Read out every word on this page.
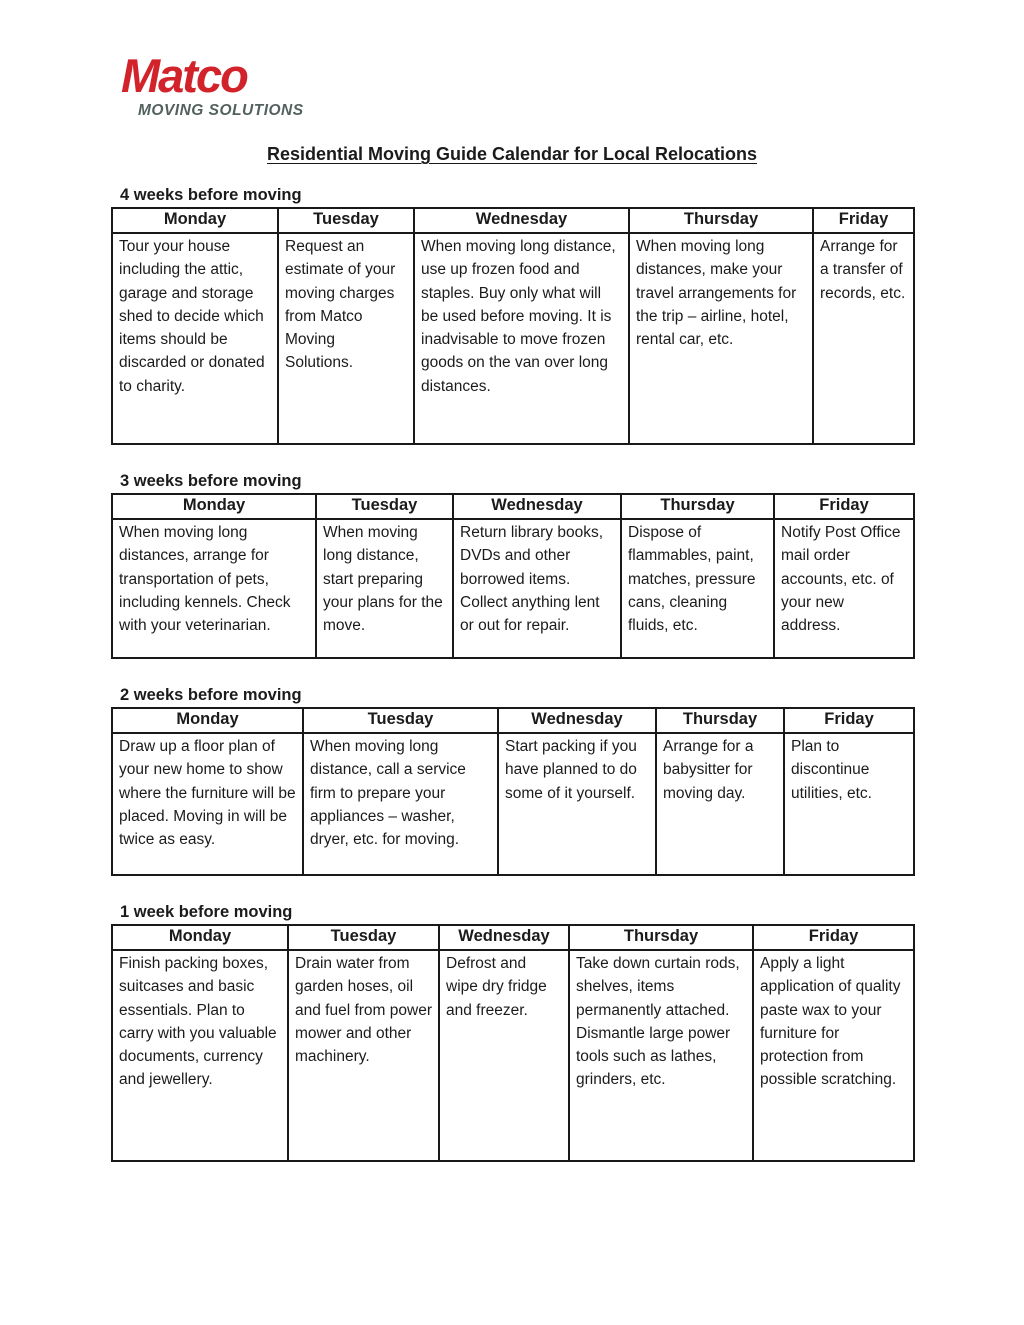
Matco
MOVING SOLUTIONS
Residential Moving Guide Calendar for Local Relocations
4 weeks before moving
Monday	Tuesday	Wednesday	Thursday	Friday
Tour your house including the attic, garage and storage shed to decide which items should be discarded or donated to charity.	Request an estimate of your moving charges from Matco Moving Solutions.	When moving long distance, use up frozen food and staples. Buy only what will be used before moving. It is inadvisable to move frozen goods on the van over long distances.	When moving long distances, make your travel arrangements for the trip – airline, hotel, rental car, etc.	Arrange for a transfer of records, etc.
3 weeks before moving
Monday	Tuesday	Wednesday	Thursday	Friday
When moving long distances, arrange for transportation of pets, including kennels. Check with your veterinarian.	When moving long distance, start preparing your plans for the move.	Return library books, DVDs and other borrowed items. Collect anything lent or out for repair.	Dispose of flammables, paint, matches, pressure cans, cleaning fluids, etc.	Notify Post Office mail order accounts, etc. of your new address.
2 weeks before moving
Monday	Tuesday	Wednesday	Thursday	Friday
Draw up a floor plan of your new home to show where the furniture will be placed. Moving in will be twice as easy.	When moving long distance, call a service firm to prepare your appliances – washer, dryer, etc. for moving.	Start packing if you have planned to do some of it yourself.	Arrange for a babysitter for moving day.	Plan to discontinue utilities, etc.
1 week before moving
Monday	Tuesday	Wednesday	Thursday	Friday
Finish packing boxes, suitcases and basic essentials. Plan to carry with you valuable documents, currency and jewellery.	Drain water from garden hoses, oil and fuel from power mower and other machinery.	Defrost and wipe dry fridge and freezer.	Take down curtain rods, shelves, items permanently attached. Dismantle large power tools such as lathes, grinders, etc.	Apply a light application of quality paste wax to your furniture for protection from possible scratching.
